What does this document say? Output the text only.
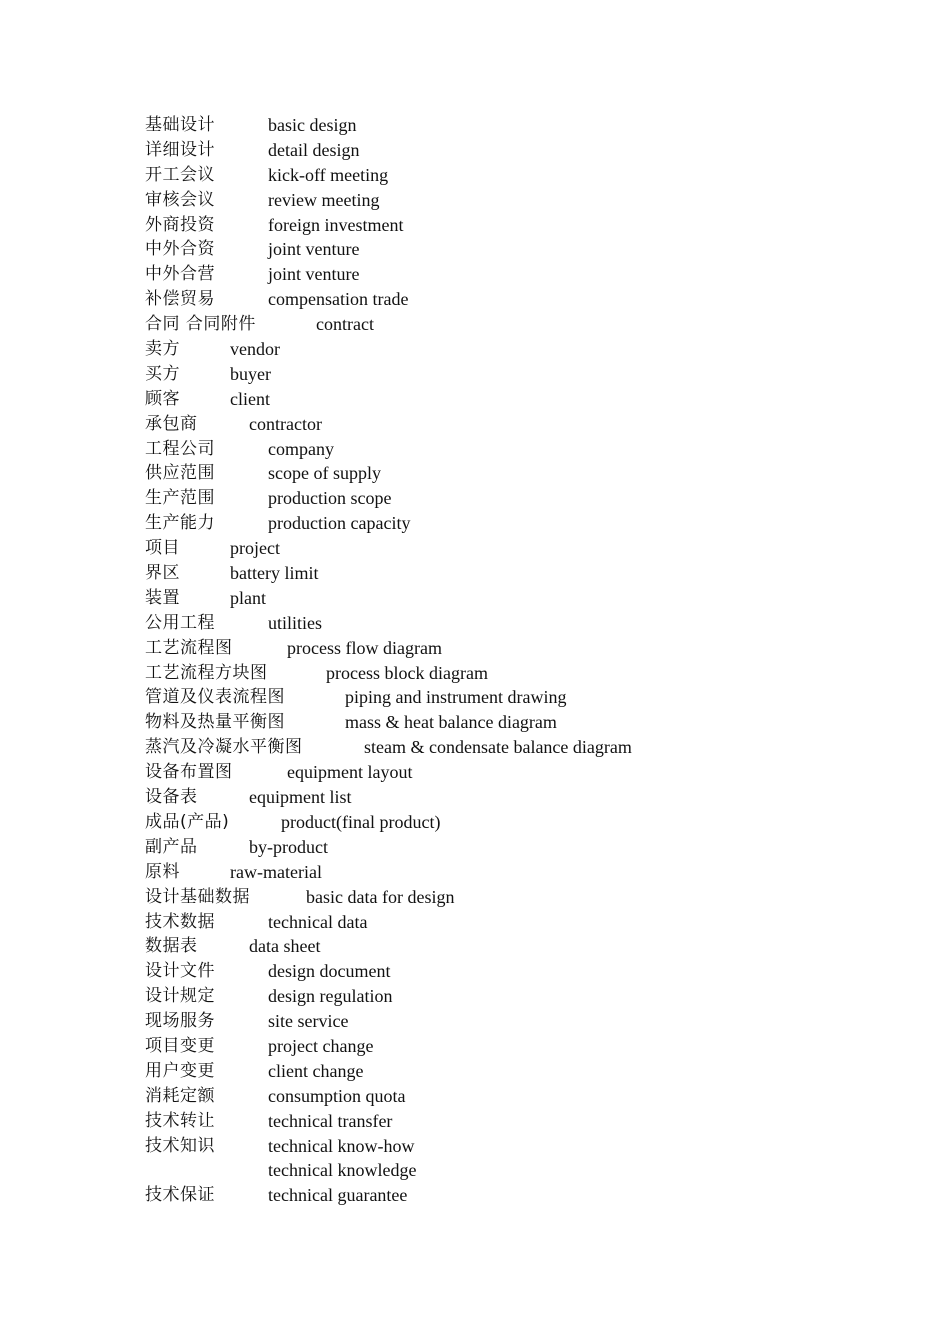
基础设计	basic design
详细设计	detail design
开工会议	kick-off meeting
审核会议	review meeting
外商投资	foreign investment
中外合资	joint venture
中外合营	joint venture
补偿贸易	compensation trade
合同 合同附件	contract
卖方	vendor
买方	buyer
顾客	client
承包商	contractor
工程公司	company
供应范围	scope of supply
生产范围	production scope
生产能力	production capacity
项目	project
界区	battery limit
装置	plant
公用工程	utilities
工艺流程图	process flow diagram
工艺流程方块图	process block diagram
管道及仪表流程图	piping and instrument drawing
物料及热量平衡图	mass & heat balance diagram
蒸汽及冷凝水平衡图	steam & condensate balance diagram
设备布置图	equipment layout
设备表	equipment list
成品(产品)	product(final product)
副产品	by-product
原料	raw-material
设计基础数据	basic data for design
技术数据	technical data
数据表	data sheet
设计文件	design document
设计规定	design regulation
现场服务	site service
项目变更	project change
用户变更	client change
消耗定额	consumption quota
技术转让	technical transfer
技术知识	technical know-how
technical knowledge
技术保证	technical guarantee
